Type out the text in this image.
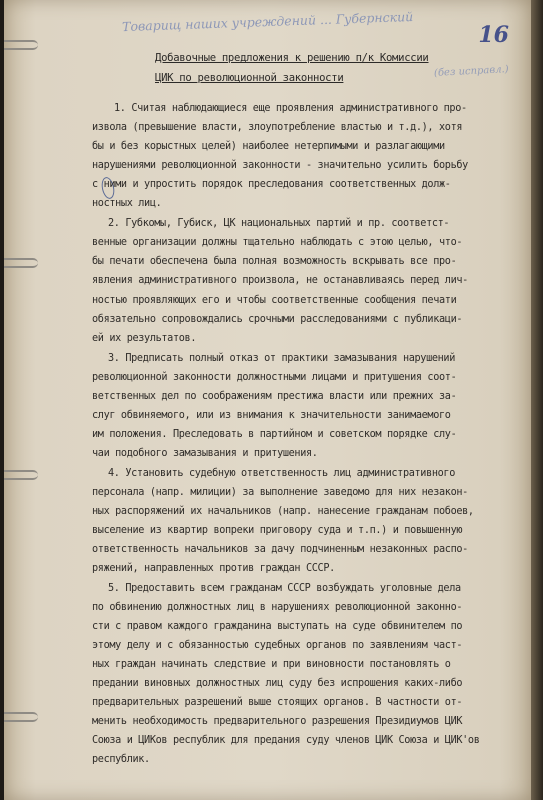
Товарищ наших учреждений ... Губернский
16
(без исправл.)
Добавочные предложения к решению п/к Комиссии
ЦИК по революционной законности
1. Считая наблюдающиеся еще проявления административного про-
извола (превышение власти, злоупотребление властью и т.д.), хотя
бы и без корыстных целей) наиболее нетерпимыми и разлагающими
нарушениями революционной законности - значительно усилить борьбу
с ними и упростить порядок преследования соответственных долж-
ностных лиц.
2. Губкомы, Губиск, ЦК национальных партий и пр. соответст-
венные организации должны тщательно наблюдать с этою целью, что-
бы печати обеспечена была полная возможность вскрывать все про-
явления административного произвола, не останавливаясь перед лич-
ностью проявляющих его и чтобы соответственные сообщения печати
обязательно сопровождались срочными расследованиями с публикаци-
ей их результатов.
3. Предписать полный отказ от практики замазывания нарушений
революционной законности должностными лицами и притушения соот-
ветственных дел по соображениям престижа власти или прежних за-
слуг обвиняемого, или из внимания к значительности занимаемого
им положения. Преследовать в партийном и советском порядке слу-
чаи подобного замазывания и притушения.
4. Установить судебную ответственность лиц административного
персонала (напр. милиции) за выполнение заведомо для них незакон-
ных распоряжений их начальников (напр. нанесение гражданам побоев,
выселение из квартир вопреки приговору суда и т.п.) и повышенную
ответственность начальников за дачу подчиненным незаконных распо-
ряжений, направленных против граждан СССР.
5. Предоставить всем гражданам СССР возбуждать уголовные дела
по обвинению должностных лиц в нарушениях революционной законно-
сти с правом каждого гражданина выступать на суде обвинителем по
этому делу и с обязанностью судебных органов по заявлениям част-
ных граждан начинать следствие и при виновности постановлять о
предании виновных должностных лиц суду без испрошения каких-либо
предварительных разрешений выше стоящих органов. В частности от-
менить необходимость предварительного разрешения Президиумов ЦИК
Союза и ЦИКов республик для предания суду членов ЦИК Союза и ЦИК'ов
республик.
